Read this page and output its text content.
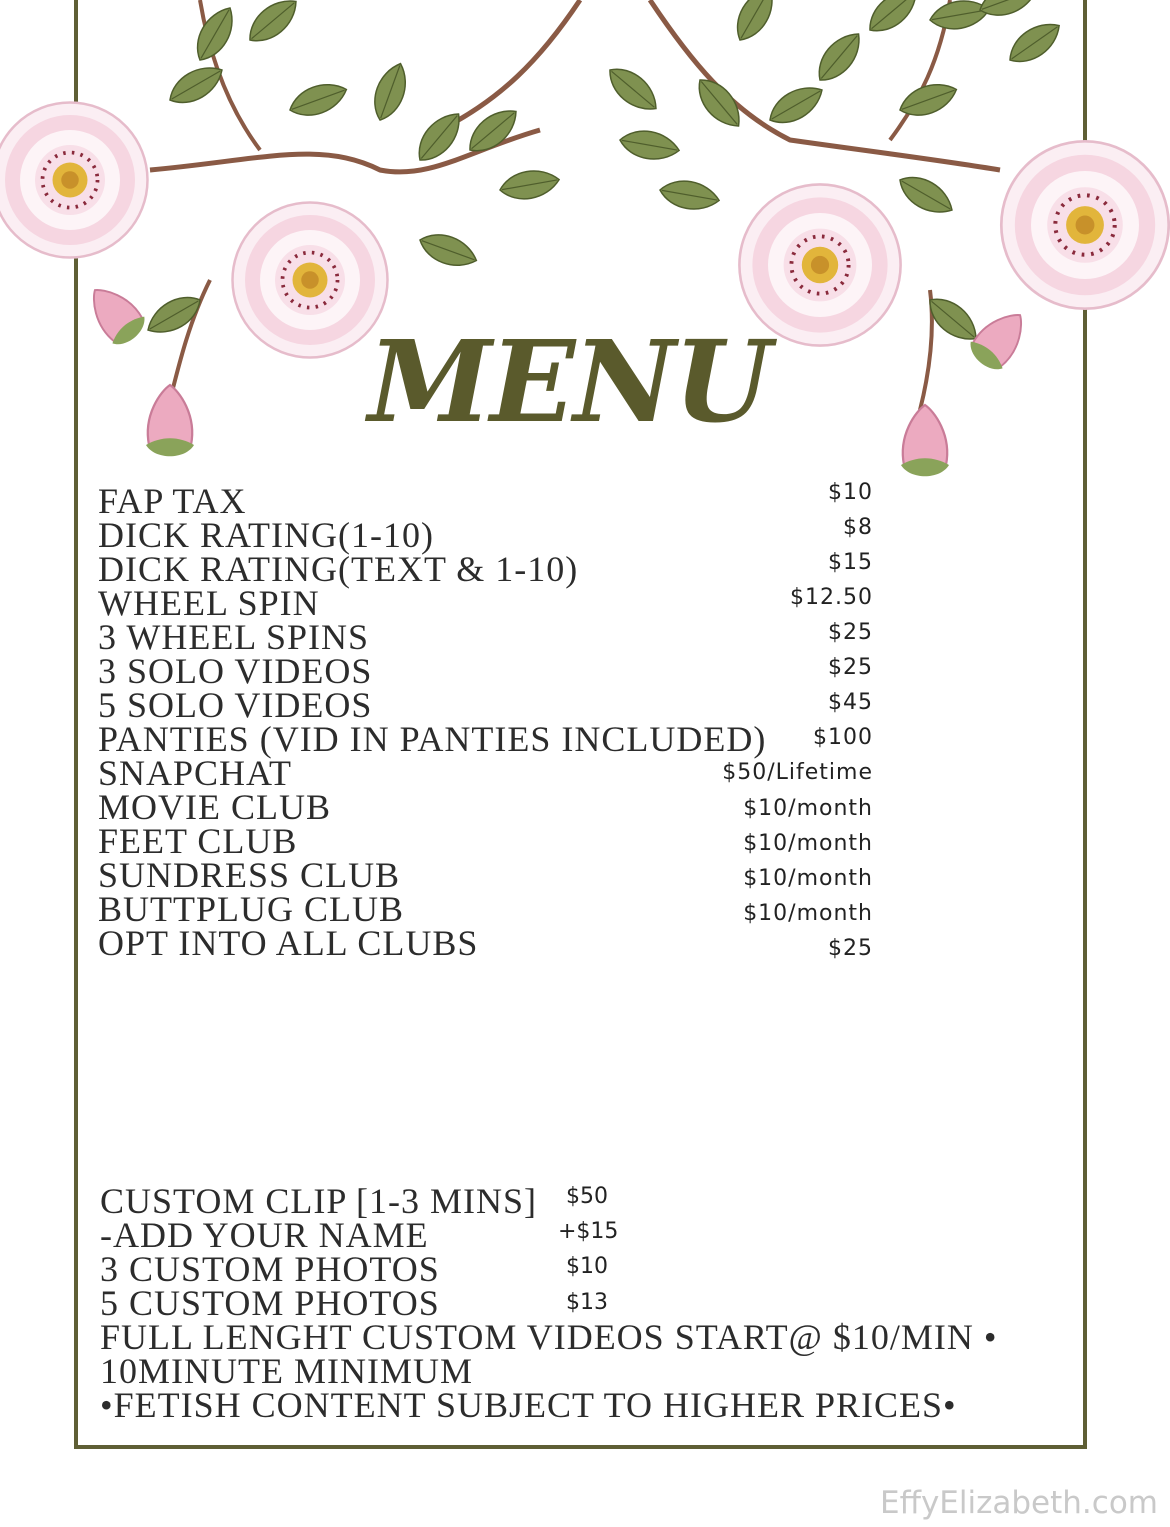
MENU
FAP TAX	$10
DICK RATING(1-10)	$8
DICK RATING(TEXT & 1-10)	$15
WHEEL SPIN	$12.50
3 WHEEL SPINS	$25
3 SOLO VIDEOS	$25
5 SOLO VIDEOS	$45
PANTIES (VID IN PANTIES INCLUDED) $100
SNAPCHAT	$50/Lifetime
MOVIE CLUB	$10/month
FEET CLUB	$10/month
SUNDRESS CLUB	$10/month
BUTTPLUG CLUB	$10/month
OPT INTO ALL CLUBS	$25
CUSTOM CLIP [1-3 MINS] $50
-ADD YOUR NAME	+$15
3 CUSTOM PHOTOS	$10
5 CUSTOM PHOTOS	$13
FULL LENGHT CUSTOM VIDEOS START@ $10/MIN •
10MINUTE MINIMUM
•FETISH CONTENT SUBJECT TO HIGHER PRICES•
EffyElizabeth.com
